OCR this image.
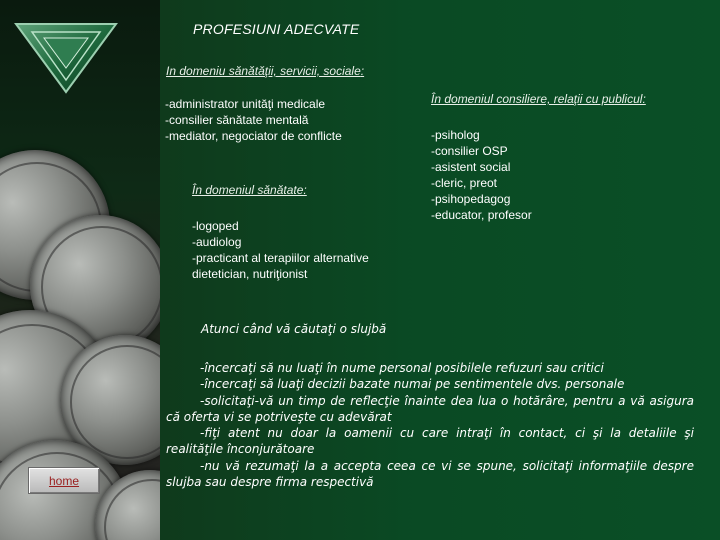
PROFESIUNI ADECVATE
In domeniu sănătăţii, servicii, sociale:
-administrator unităţi medicale
-consilier sănătate mentală
-mediator, negociator de conflicte
În domeniul consiliere, relaţii cu publicul:
-psiholog
-consilier OSP
-asistent social
-cleric, preot
-psihopedagog
-educator, profesor
În domeniul sănătate:
-logoped
-audiolog
-practicant al terapiilor alternative
dietetician, nutriţionist
Atunci când vă căutaţi o slujbă

-încercaţi să nu luaţi în nume personal posibilele refuzuri sau critici

-încercaţi să luaţi decizii bazate numai pe sentimentele dvs. personale

-solicitaţi-vă un timp de reflecţie înainte dea lua o hotărâre, pentru a vă asigura că oferta vi se potriveşte cu adevărat

-fiţi atent nu doar la oamenii cu care intraţi în contact, ci şi la detaliile şi realităţile înconjurătoare

-nu vă rezumaţi la a accepta ceea ce vi se spune, solicitaţi informaţiile despre slujba sau despre firma respectivă

home
